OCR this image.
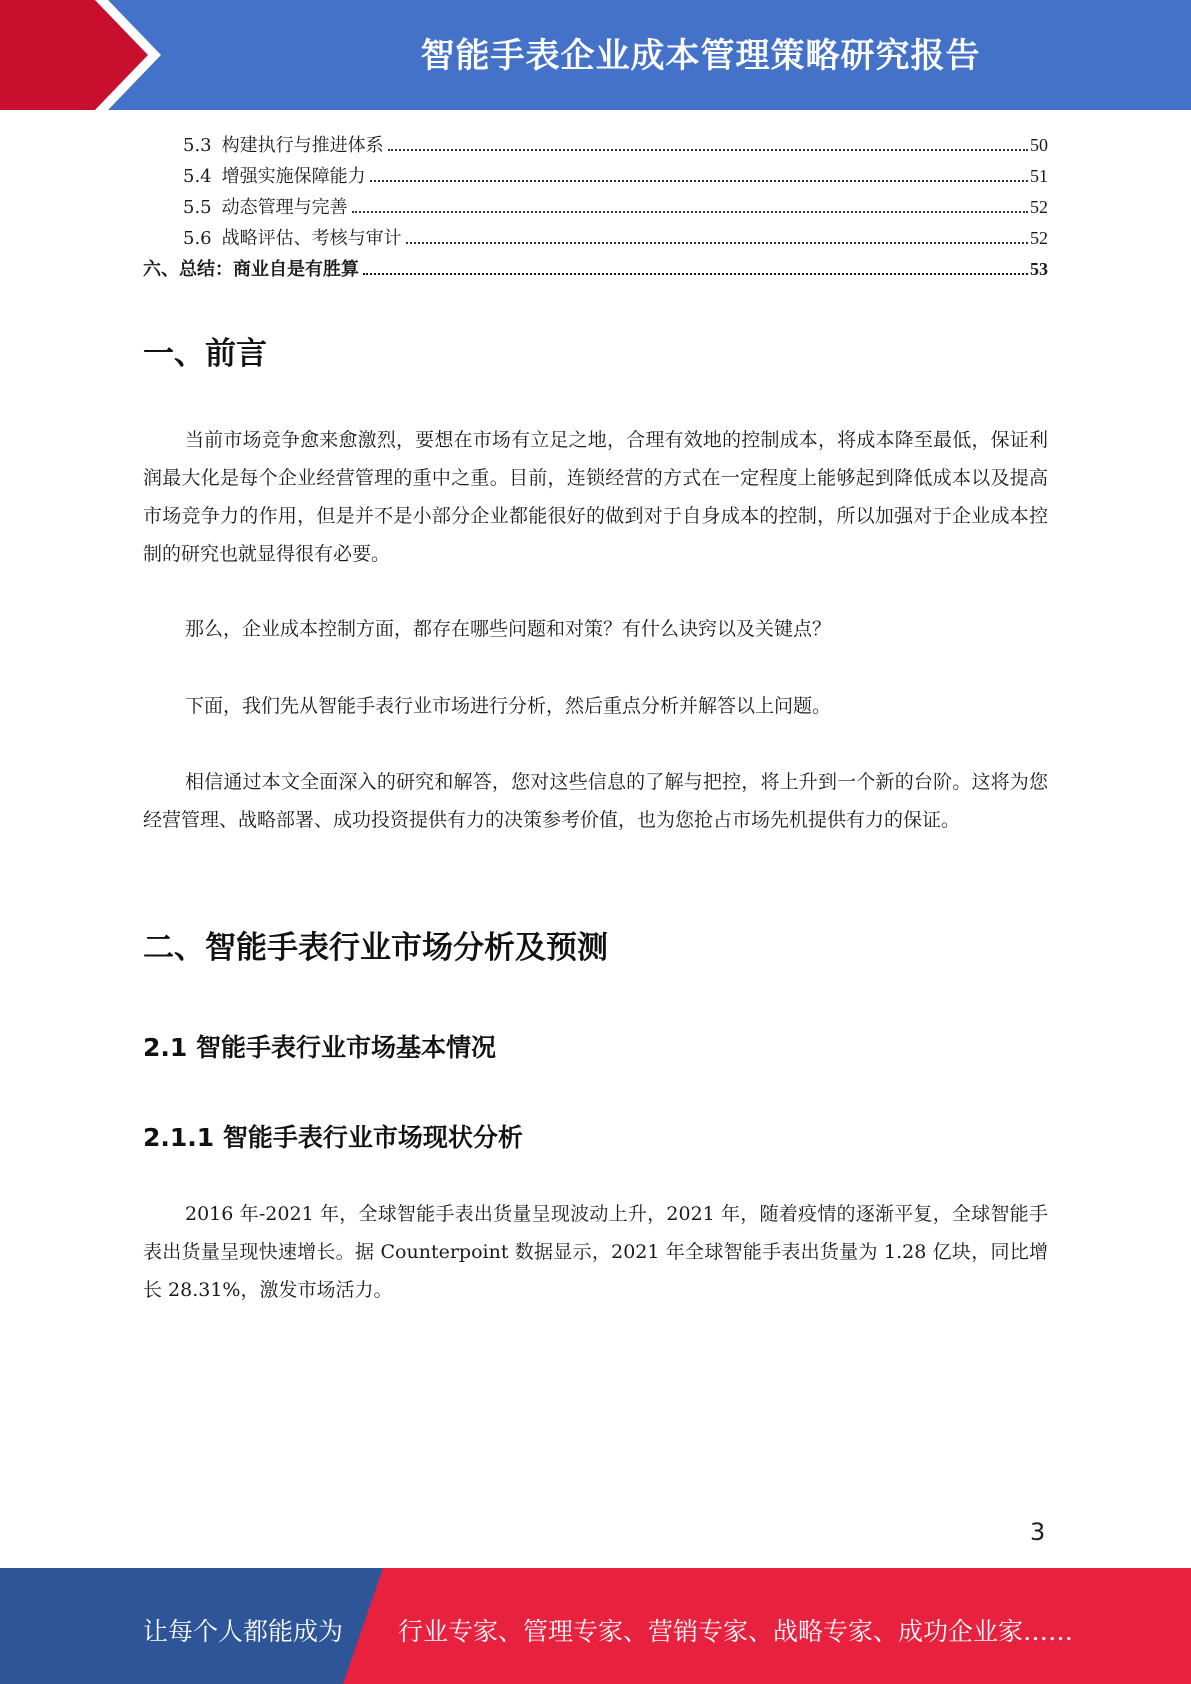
智能手表企业成本管理策略研究报告
5.3 构建执行与推进体系	50
5.4 增强实施保障能力	51
5.5 动态管理与完善	52
5.6 战略评估、考核与审计	52
六、总结：商业自是有胜算	53
一、前言
当前市场竞争愈来愈激烈，要想在市场有立足之地，合理有效地的控制成本，将成本降至最低，保证利润最大化是每个企业经营管理的重中之重。目前，连锁经营的方式在一定程度上能够起到降低成本以及提高市场竞争力的作用，但是并不是小部分企业都能很好的做到对于自身成本的控制，所以加强对于企业成本控制的研究也就显得很有必要。
那么，企业成本控制方面，都存在哪些问题和对策？有什么诀窍以及关键点？
下面，我们先从智能手表行业市场进行分析，然后重点分析并解答以上问题。
相信通过本文全面深入的研究和解答，您对这些信息的了解与把控，将上升到一个新的台阶。这将为您经营管理、战略部署、成功投资提供有力的决策参考价值，也为您抢占市场先机提供有力的保证。
二、智能手表行业市场分析及预测
2.1 智能手表行业市场基本情况
2.1.1 智能手表行业市场现状分析
2016 年-2021 年，全球智能手表出货量呈现波动上升，2021 年，随着疫情的逐渐平复，全球智能手表出货量呈现快速增长。据 Counterpoint 数据显示，2021 年全球智能手表出货量为 1.28 亿块，同比增长 28.31%，激发市场活力。
3
让每个人都能成为 行业专家、管理专家、营销专家、战略专家、成功企业家……
